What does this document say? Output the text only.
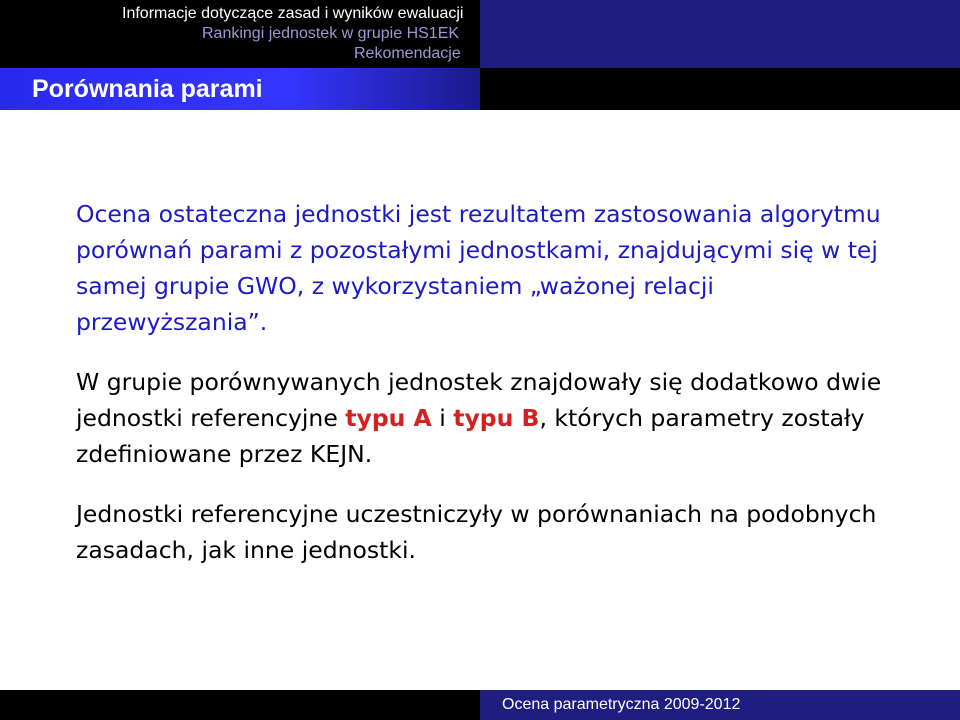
Informacje dotyczące zasad i wyników ewaluacji
Rankingi jednostek w grupie HS1EK
Rekomendacje
Porównania parami

Ocena ostateczna jednostki jest rezultatem zastosowania algorytmu porównań parami z pozostałymi jednostkami, znajdującymi się w tej samej grupie GWO, z wykorzystaniem „ważonej relacji przewyższania”.

W grupie porównywanych jednostek znajdowały się dodatkowo dwie jednostki referencyjne typu A i typu B, których parametry zostały zdefiniowane przez KEJN.

Jednostki referencyjne uczestniczyły w porównaniach na podobnych zasadach, jak inne jednostki.

Ocena parametryczna 2009-2012
